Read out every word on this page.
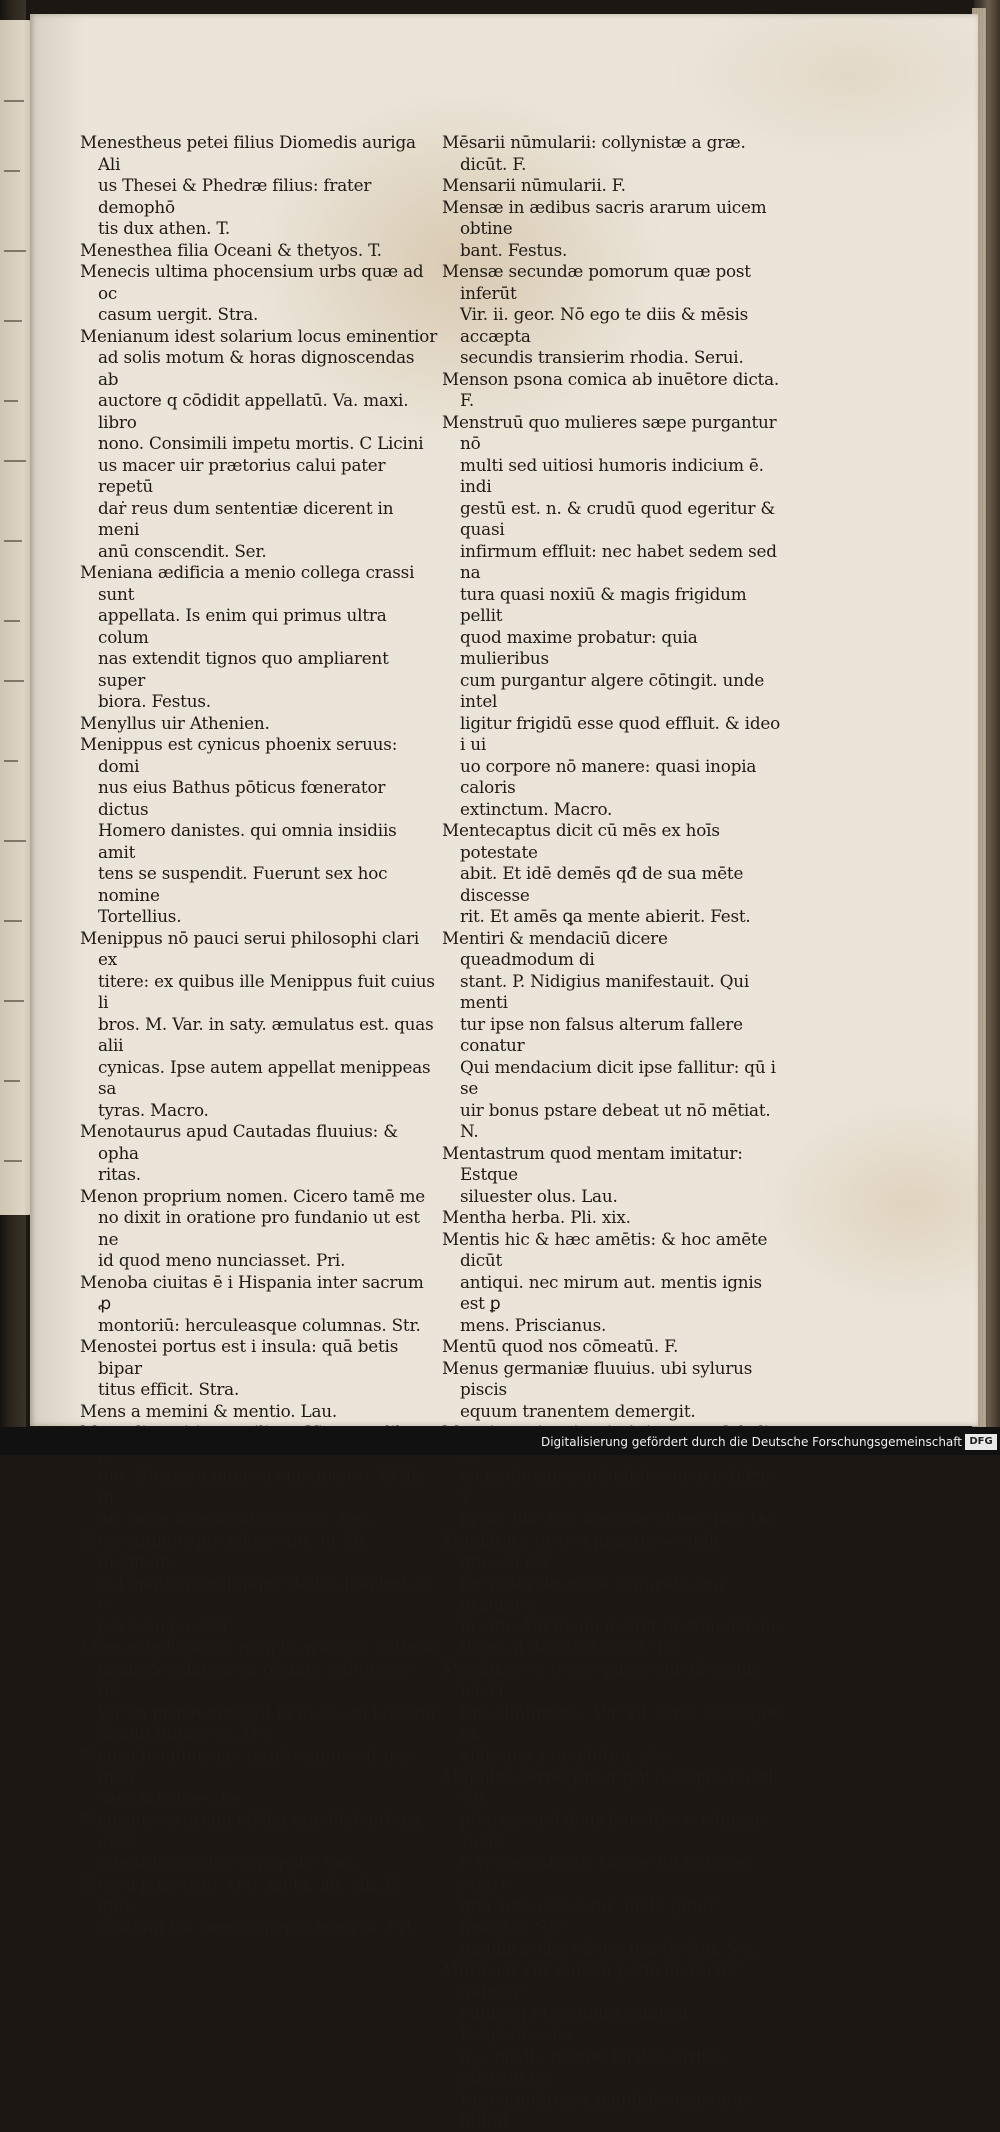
Menestheus petei filius Diomedis auriga Ali
us Thesei & Phedræ filius: frater demophō
tis dux athen. T.

Menesthea filia Oceani & thetyos. T.

Menecis ultima phocensium urbs quæ ad oc
casum uergit. Stra.

Menianum idest solarium locus eminentior
ad solis motum & horas dignoscendas ab
auctore q cōdidit appellatū. Va. maxi. libro
nono. Consimili impetu mortis. C Licini
us macer uir prætorius calui pater repetū
daṙ reus dum sententiæ dicerent in meni
anū conscendit. Ser.

Meniana ædificia a menio collega crassi sunt
appellata. Is enim qui primus ultra colum
nas extendit tignos quo ampliarent super
biora. Festus.

Menyllus uir Athenien.

Menippus est cynicus phoenix seruus: domi
nus eius Bathus pōticus fœnerator dictus
Homero danistes. qui omnia insidiis amit
tens se suspendit. Fuerunt sex hoc nomine
Tortellius.

Menippus nō pauci serui philosophi clari ex
titere: ex quibus ille Menippus fuit cuius li
bros. M. Var. in saty. æmulatus est. quas alii
cynicas. Ipse autem appellat menippeas sa
tyras. Macro.

Menotaurus apud Cautadas fluuius: & opha
ritas.

Menon proprium nomen. Cicero tamē me
no dixit in oratione pro fundanio ut est ne
id quod meno nunciasset. Pri.

Menoba ciuitas ē i Hispania inter sacrum ꝓ
montoriū: herculeasque columnas. Str.

Menostei portus est i insula: quā betis bipar
titus efficit. Stra.

Mens a memini & mentio. Lau.

mo. Nostram nunc accipe mentē. Et Te. in
an. mala mēs malus animus. Ser.

Mens animusque idem sunt. ut Vir. magnam
cui mentem animūque deluis inspirat & ē
perisologia. Ser.

Mensa dedicata in templo aræ ritu antiquo
usum & religionem obtinet puluinaris: ut
Vir. in primo dixit. Et in mensam laticum
libauit honorem. Ma.

Mensa frugibusque iurato significat per men
sam & fruges. Fe.

Mensam escariam cillibā appellabant: ea erat
quadrata a cilice o populo. Var.

Mensū ꝑ mensiū. Oui. meta. lib. viii. & quos
sustinui bis mensū qnque labores. Pri.

Mēsarii nūmularii: collynistæ a græ. dicūt. F.

Mensarii nūmularii. F.

Mensæ in ædibus sacris ararum uicem obtine
bant. Festus.

Mensæ secundæ pomorum quæ post inferūt
Vir. ii. geor. Nō ego te diis & mēsis accæpta
secundis transierim rhodia. Serui.

Menson psona comica ab inuētore dicta. F.

Menstruū quo mulieres sæpe purgantur nō
multi sed uitiosi humoris indicium ē. indi
gestū est. n. & crudū quod egeritur & quasi
infirmum effluit: nec habet sedem sed na
tura quasi noxiū & magis frigidum pellit
quod maxime probatur: quia mulieribus
cum purgantur algere cōtingit. unde intel
ligitur frigidū esse quod effluit. & ideo i ui
uo corpore nō manere: quasi inopia caloris
extinctum. Macro.

Mentecaptus dicit cū mēs ex hoīs potestate
abit. Et idē demēs qđ de sua mēte discesse
rit. Et amēs ꝗa mente abierit. Fest.

Mentiri & mendaciū dicere queadmodum di
stant. P. Nidigius manifestauit. Qui menti
tur ipse non falsus alterum fallere conatur
Qui mendacium dicit ipse fallitur: qū i se
uir bonus pstare debeat ut nō mētiat. N.

Mentastrum quod mentam imitatur: Estque
siluester olus. Lau.

Mentha herba. Pli. xix.

Mentis hic & hæc amētis: & hoc amēte dicūt
antiqui. nec mirum aut. mentis ignis est ꝑ
mens. Priscianus.

Mentū quod nos cōmeatū. F.

Menus germaniæ fluuius. ubi sylurus piscis
equum tranentem demergit.

eo modo: mea uoluntate: meo arbitrio. T.
in an. fine nūc meo me uiuere mō. Do.

Mephitis a græco μεφιτις secūdū quosdā ter
ræ putor de aquis sulfuratis qui grauior ē
in silu. Alii deum dicunt iūctum leucho
thoe: ut Adonis Veneri. Tor.

Mephitis est terræ putor: qui de aquis nasci
tur sulphuratis. Vir. vii. æne. Sæuaque ex
alat opaca mephitim. Ser.

Mephitis terræ putor qui de aquis nascit sul
phureis: uel deus leucotheæ cōnexū: sicut
ē Veneri adonis. Dianæ uii bius uel iuno ē
quā aerē eē cōstat. unde putor nascitur. Sic
mephitis dea odoris grauissimi. Ser.

Meracior cur eadem potio meracior uidetur
ieiuno q ei q cibum sumpsit. Respōdeo: ue
nas media uacuæ facit saturitas obstruit igi
tur cū potio per inanitatem penitus influit

Digitalisierung gefördert durch die Deutsche Forschungsgemeinschaft DFG
